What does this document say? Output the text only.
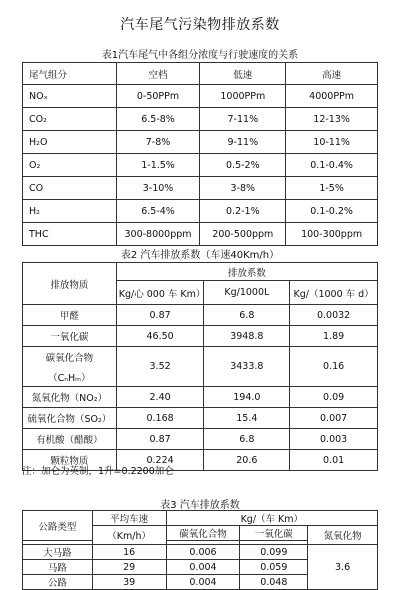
汽车尾气污染物排放系数
表1汽车尾气中各组分浓度与行驶速度的关系
尾气组分	空档	低速	高速
NOₓ	0-50PPm	1000PPm	4000PPm
CO₂	6.5-8%	7-11%	12-13%
H₂O	7-8%	9-11%	10-11%
O₂	1-1.5%	0.5-2%	0.1-0.4%
CO	3-10%	3-8%	1-5%
H₂	6.5-4%	0.2-1%	0.1-0.2%
THC	300-8000ppm	200-500ppm	100-300ppm
表2 汽车排放系数（车速40Km/h）
排放物质	排放系数		
	Kg/心 000 车 Km）	Kg/1000L	Kg/（1000 车 d）
甲醛	0.87	6.8	0.0032
一氧化碳	46.50	3948.8	1.89

碳氧化合物
（CₙHₘ）	3.52	3433.8	0.16
氮氧化物（NO₂）	2.40	194.0	0.09
硫氧化合物（SO₂）	0.168	15.4	0.007
有机酸（醋酸）	0.87	6.8	0.003
颗粒物质	0.224	20.6	0.01
注：加仑为英制，1升=0.2200加仑
表3 汽车排放系数
公路类型	平均车速	Kg/（车 Km）		
	（Km/h）	碳氧化合物	一氧化碳	氮氧化物

大马路	16	0.006	0.099	3.6
马路	29	0.004	0.059	
公路	39	0.004	0.048	
